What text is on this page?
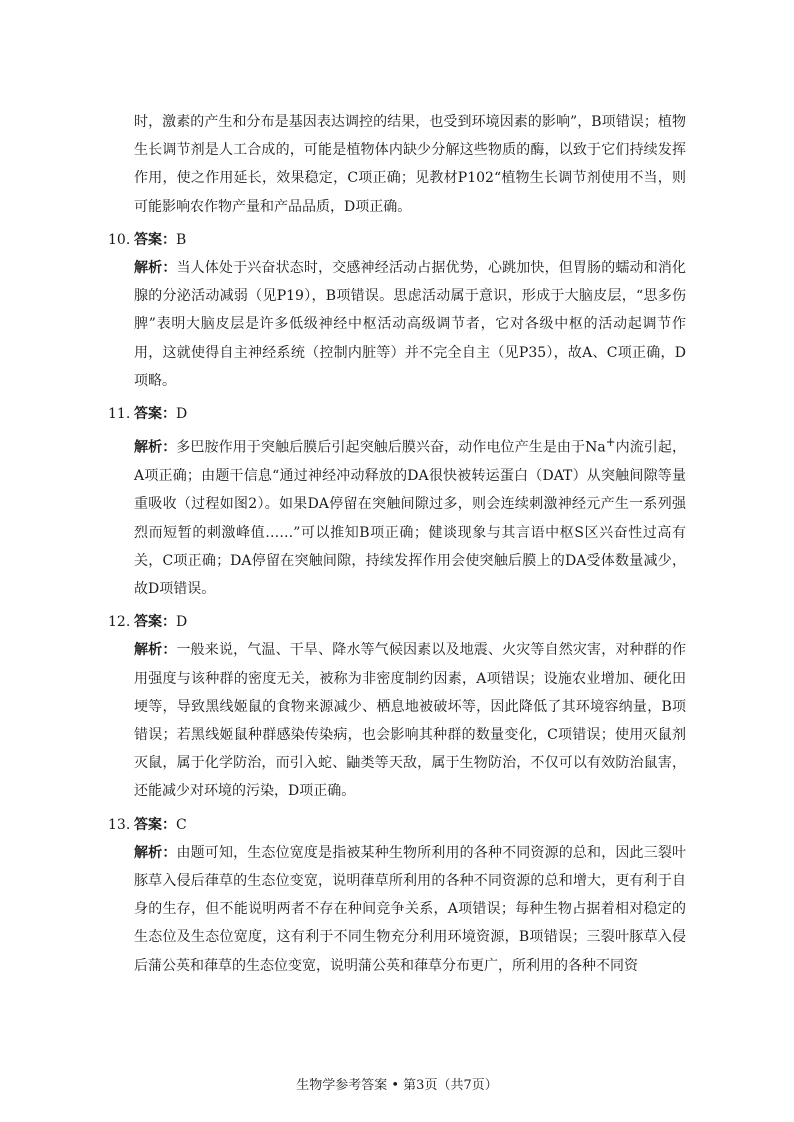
时，激素的产生和分布是基因表达调控的结果，也受到环境因素的影响”，B项错误；植物生长调节剂是人工合成的，可能是植物体内缺少分解这些物质的酶，以致于它们持续发挥作用，使之作用延长，效果稳定，C项正确；见教材P102“植物生长调节剂使用不当，则可能影响农作物产量和产品品质，D项正确。

10. 答案：B

解析：当人体处于兴奋状态时，交感神经活动占据优势，心跳加快，但胃肠的蠕动和消化腺的分泌活动减弱（见P19），B项错误。思虑活动属于意识，形成于大脑皮层，“思多伤脾”表明大脑皮层是许多低级神经中枢活动高级调节者，它对各级中枢的活动起调节作用，这就使得自主神经系统（控制内脏等）并不完全自主（见P35），故A、C项正确，D项略。

11. 答案：D

解析：多巴胺作用于突触后膜后引起突触后膜兴奋，动作电位产生是由于Na+内流引起，A项正确；由题干信息“通过神经冲动释放的DA很快被转运蛋白（DAT）从突触间隙等量重吸收（过程如图2）。如果DA停留在突触间隙过多，则会连续刺激神经元产生一系列强烈而短暂的刺激峰值……”可以推知B项正确；健谈现象与其言语中枢S区兴奋性过高有关，C项正确；DA停留在突触间隙，持续发挥作用会使突触后膜上的DA受体数量减少，故D项错误。

12. 答案：D

解析：一般来说，气温、干旱、降水等气候因素以及地震、火灾等自然灾害，对种群的作用强度与该种群的密度无关，被称为非密度制约因素，A项错误；设施农业增加、硬化田埂等，导致黑线姬鼠的食物来源减少、栖息地被破坏等，因此降低了其环境容纳量，B项错误；若黑线姬鼠种群感染传染病，也会影响其种群的数量变化，C项错误；使用灭鼠剂灭鼠，属于化学防治，而引入蛇、鼬类等天敌，属于生物防治，不仅可以有效防治鼠害，还能减少对环境的污染，D项正确。

13. 答案：C

解析：由题可知，生态位宽度是指被某种生物所利用的各种不同资源的总和，因此三裂叶豚草入侵后葎草的生态位变宽，说明葎草所利用的各种不同资源的总和增大，更有利于自身的生存，但不能说明两者不存在种间竞争关系，A项错误；每种生物占据着相对稳定的生态位及生态位宽度，这有利于不同生物充分利用环境资源，B项错误；三裂叶豚草入侵后蒲公英和葎草的生态位变宽，说明蒲公英和葎草分布更广，所利用的各种不同资

生物学参考答案 • 第3页（共7页）
